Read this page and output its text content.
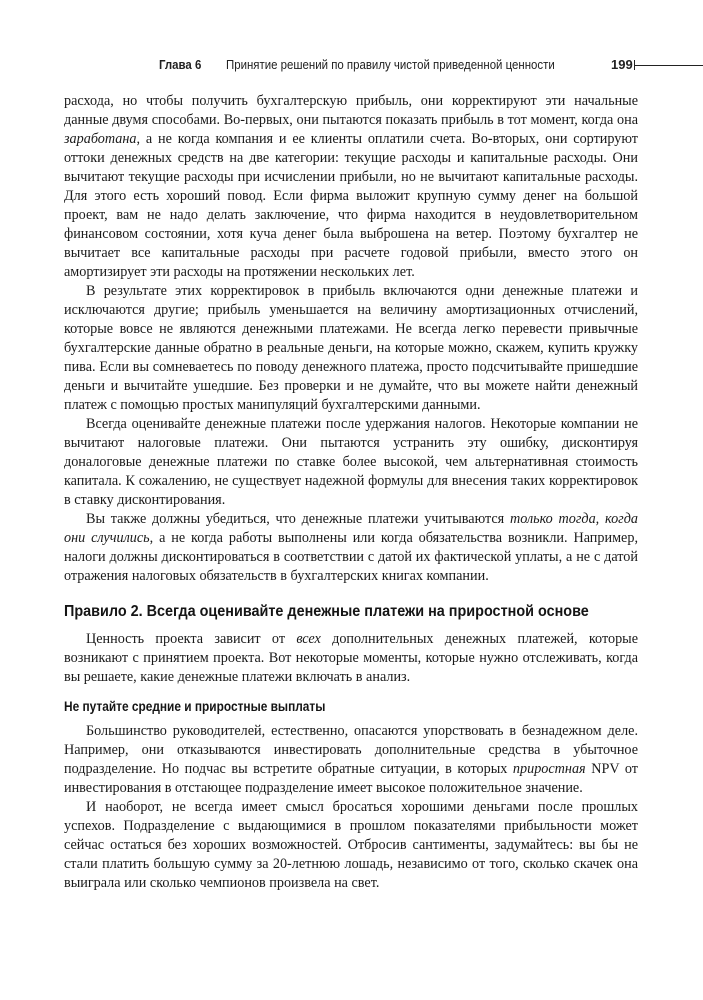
Глава 6 Принятие решений по правилу чистой приведенной ценности	199

расхода, но чтобы получить бухгалтерскую прибыль, они корректируют эти начальные данные двумя способами. Во-первых, они пытаются показать прибыль в тот момент, когда она заработана, а не когда компания и ее клиенты оплатили счета. Во-вторых, они сортируют оттоки денежных средств на две категории: текущие расходы и капитальные расходы. Они вычитают текущие расходы при исчислении прибыли, но не вычитают капитальные расходы. Для этого есть хороший повод. Если фирма выложит крупную сумму денег на большой проект, вам не надо делать заключение, что фирма находится в неудовлетворительном финансовом состоянии, хотя куча денег была выброшена на ветер. Поэтому бухгалтер не вычитает все капитальные расходы при расчете годовой прибыли, вместо этого он амортизирует эти расходы на протяжении нескольких лет.

В результате этих корректировок в прибыль включаются одни денежные платежи и исключаются другие; прибыль уменьшается на величину амортизационных отчислений, которые вовсе не являются денежными платежами. Не всегда легко перевести привычные бухгалтерские данные обратно в реальные деньги, на которые можно, скажем, купить кружку пива. Если вы сомневаетесь по поводу денежного платежа, просто подсчитывайте пришедшие деньги и вычитайте ушедшие. Без проверки и не думайте, что вы можете найти денежный платеж с помощью простых манипуляций бухгалтерскими данными.

Всегда оценивайте денежные платежи после удержания налогов. Некоторые компании не вычитают налоговые платежи. Они пытаются устранить эту ошибку, дисконтируя доналоговые денежные платежи по ставке более высокой, чем альтернативная стоимость капитала. К сожалению, не существует надежной формулы для внесения таких корректировок в ставку дисконтирования.

Вы также должны убедиться, что денежные платежи учитываются только тогда, когда они случились, а не когда работы выполнены или когда обязательства возникли. Например, налоги должны дисконтироваться в соответствии с датой их фактической уплаты, а не с датой отражения налоговых обязательств в бухгалтерских книгах компании.

Правило 2. Всегда оценивайте денежные платежи на приростной основе

Ценность проекта зависит от всех дополнительных денежных платежей, которые возникают с принятием проекта. Вот некоторые моменты, которые нужно отслеживать, когда вы решаете, какие денежные платежи включать в анализ.

Не путайте средние и приростные выплаты

Большинство руководителей, естественно, опасаются упорствовать в безнадежном деле. Например, они отказываются инвестировать дополнительные средства в убыточное подразделение. Но подчас вы встретите обратные ситуации, в которых приростная NPV от инвестирования в отстающее подразделение имеет высокое положительное значение.

И наоборот, не всегда имеет смысл бросаться хорошими деньгами после прошлых успехов. Подразделение с выдающимися в прошлом показателями прибыльности может сейчас остаться без хороших возможностей. Отбросив сантименты, задумайтесь: вы бы не стали платить большую сумму за 20-летнюю лошадь, независимо от того, сколько скачек она выиграла или сколько чемпионов произвела на свет.
